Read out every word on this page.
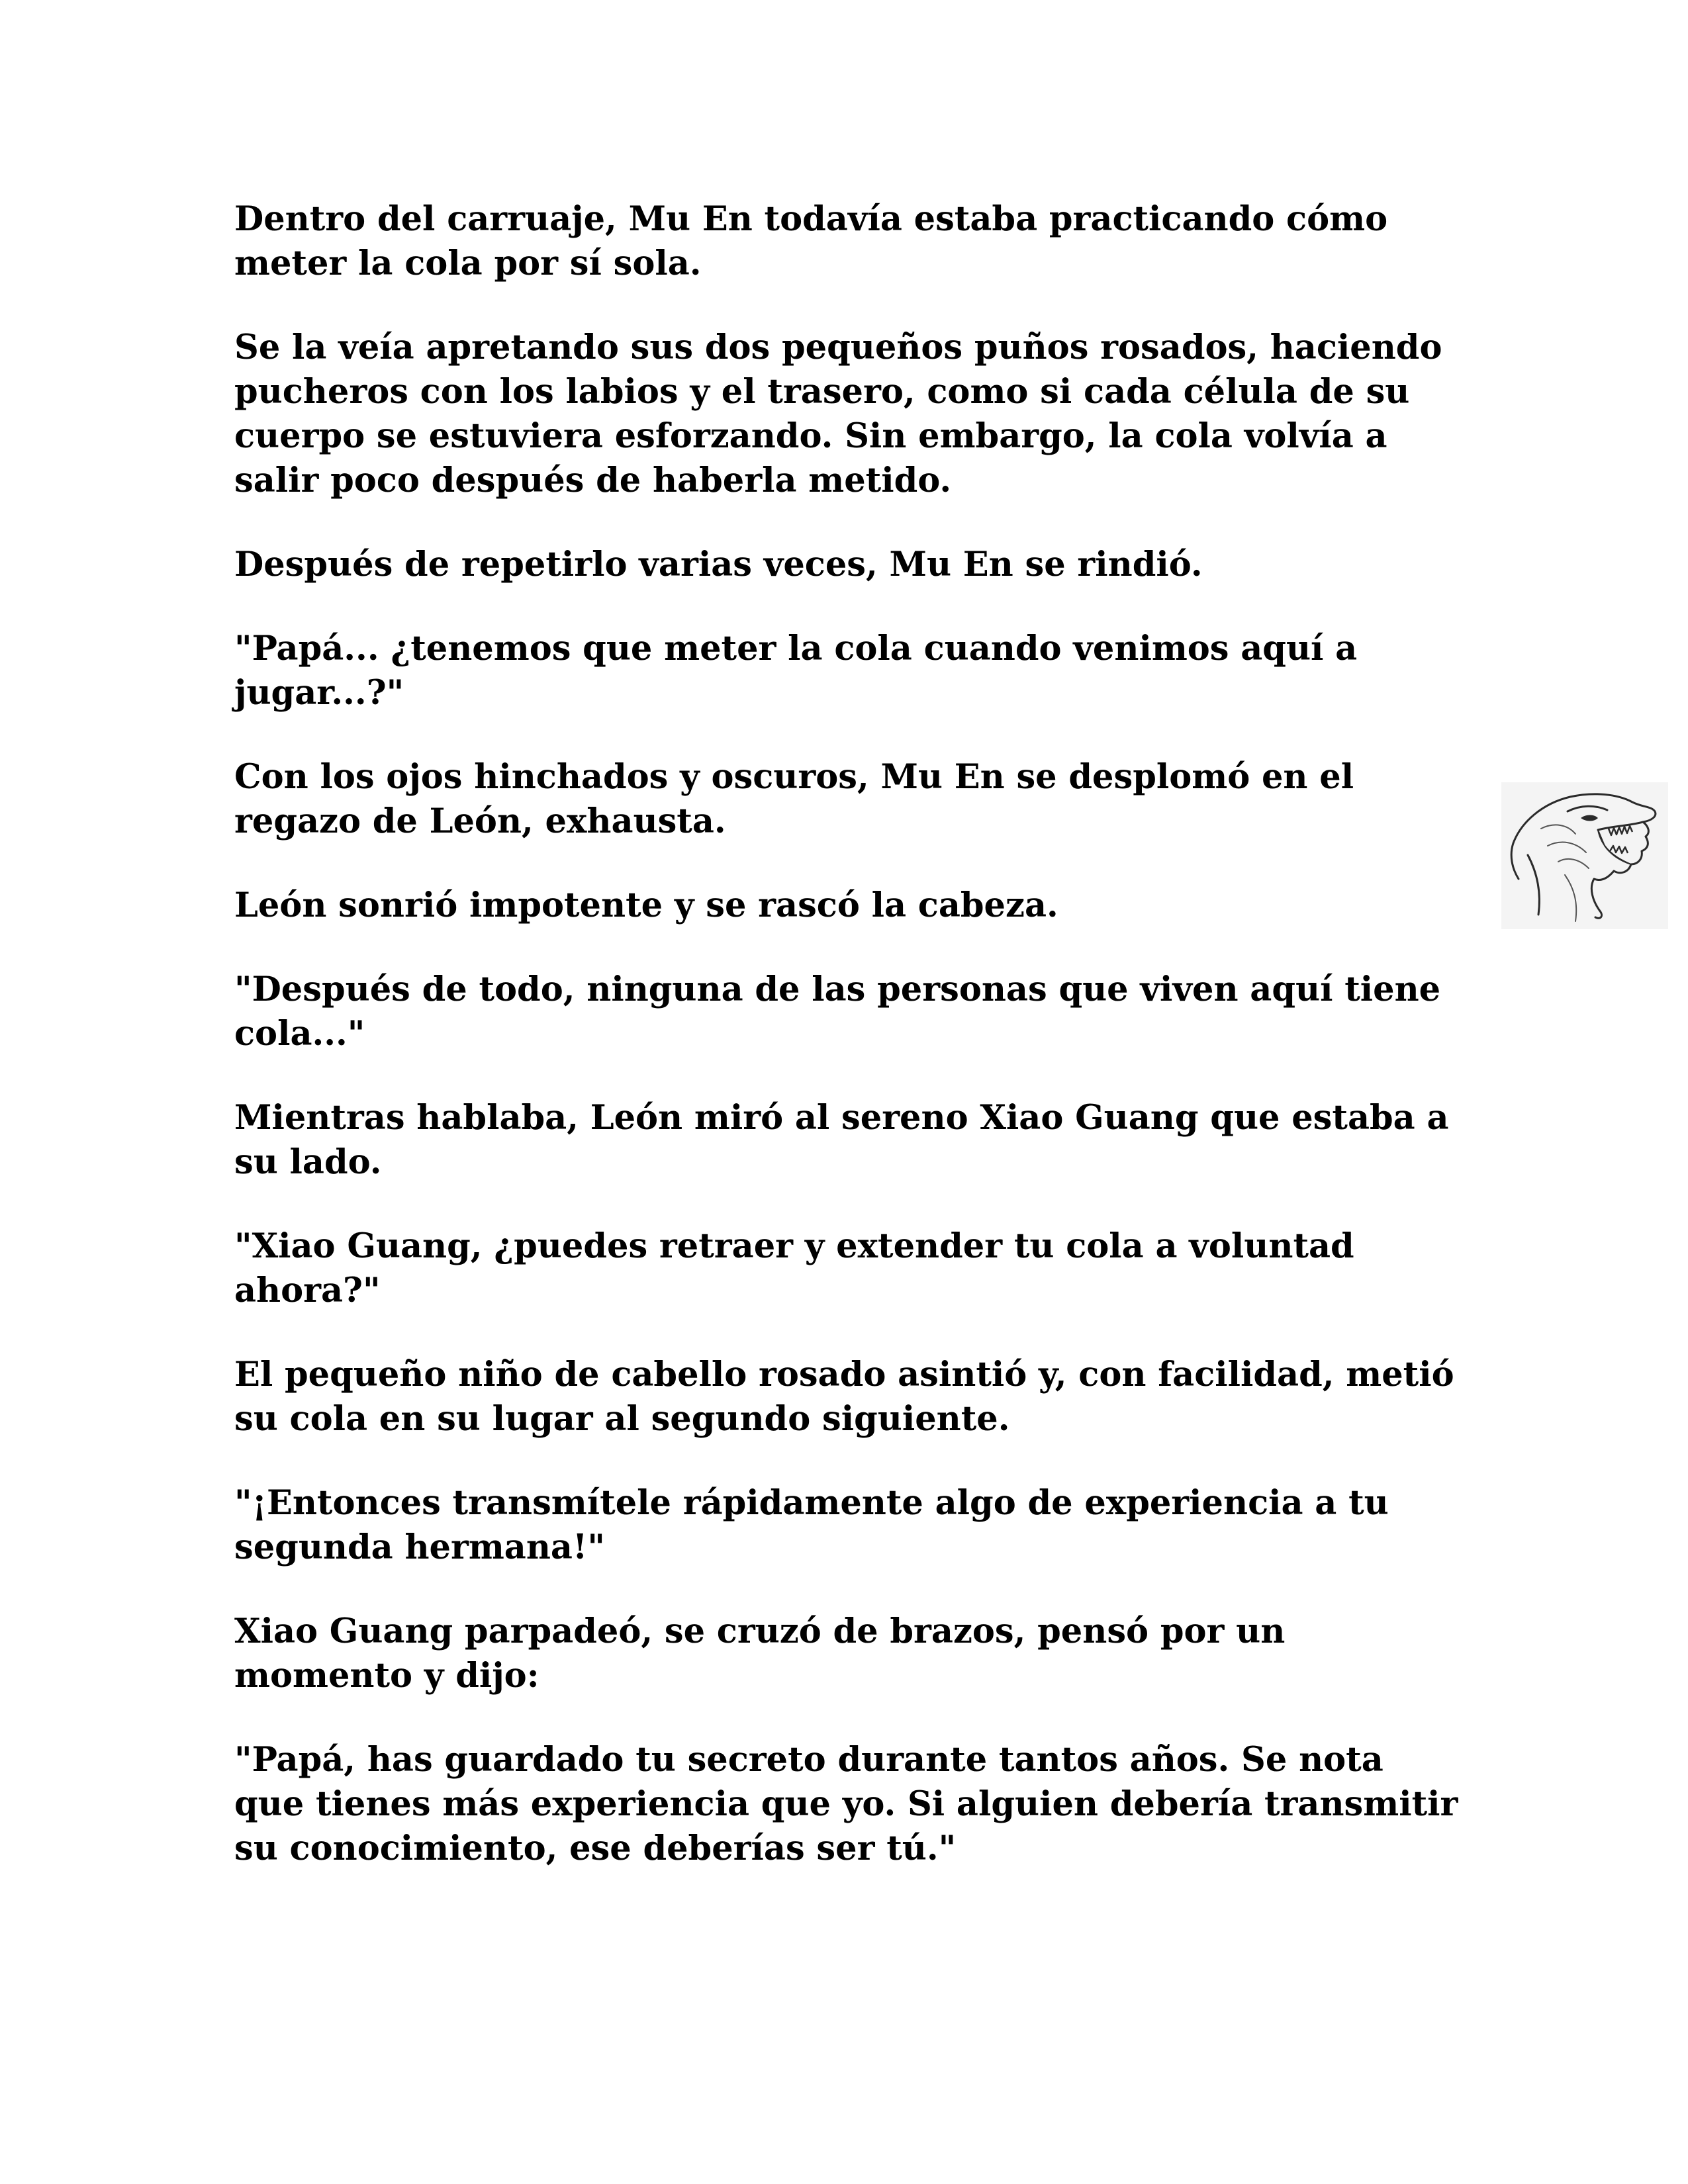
Dentro del carruaje, Mu En todavía estaba practicando cómo meter la cola por sí sola.

Se la veía apretando sus dos pequeños puños rosados, haciendo pucheros con los labios y el trasero, como si cada célula de su cuerpo se estuviera esforzando. Sin embargo, la cola volvía a salir poco después de haberla metido.

Después de repetirlo varias veces, Mu En se rindió.

"Papá... ¿tenemos que meter la cola cuando venimos aquí a jugar...?"

Con los ojos hinchados y oscuros, Mu En se desplomó en el regazo de León, exhausta.

León sonrió impotente y se rascó la cabeza.

"Después de todo, ninguna de las personas que viven aquí tiene cola..."

Mientras hablaba, León miró al sereno Xiao Guang que estaba a su lado.

"Xiao Guang, ¿puedes retraer y extender tu cola a voluntad ahora?"

El pequeño niño de cabello rosado asintió y, con facilidad, metió su cola en su lugar al segundo siguiente.

"¡Entonces transmítele rápidamente algo de experiencia a tu segunda hermana!"

Xiao Guang parpadeó, se cruzó de brazos, pensó por un momento y dijo:

"Papá, has guardado tu secreto durante tantos años. Se nota que tienes más experiencia que yo. Si alguien debería transmitir su conocimiento, ese deberías ser tú."
